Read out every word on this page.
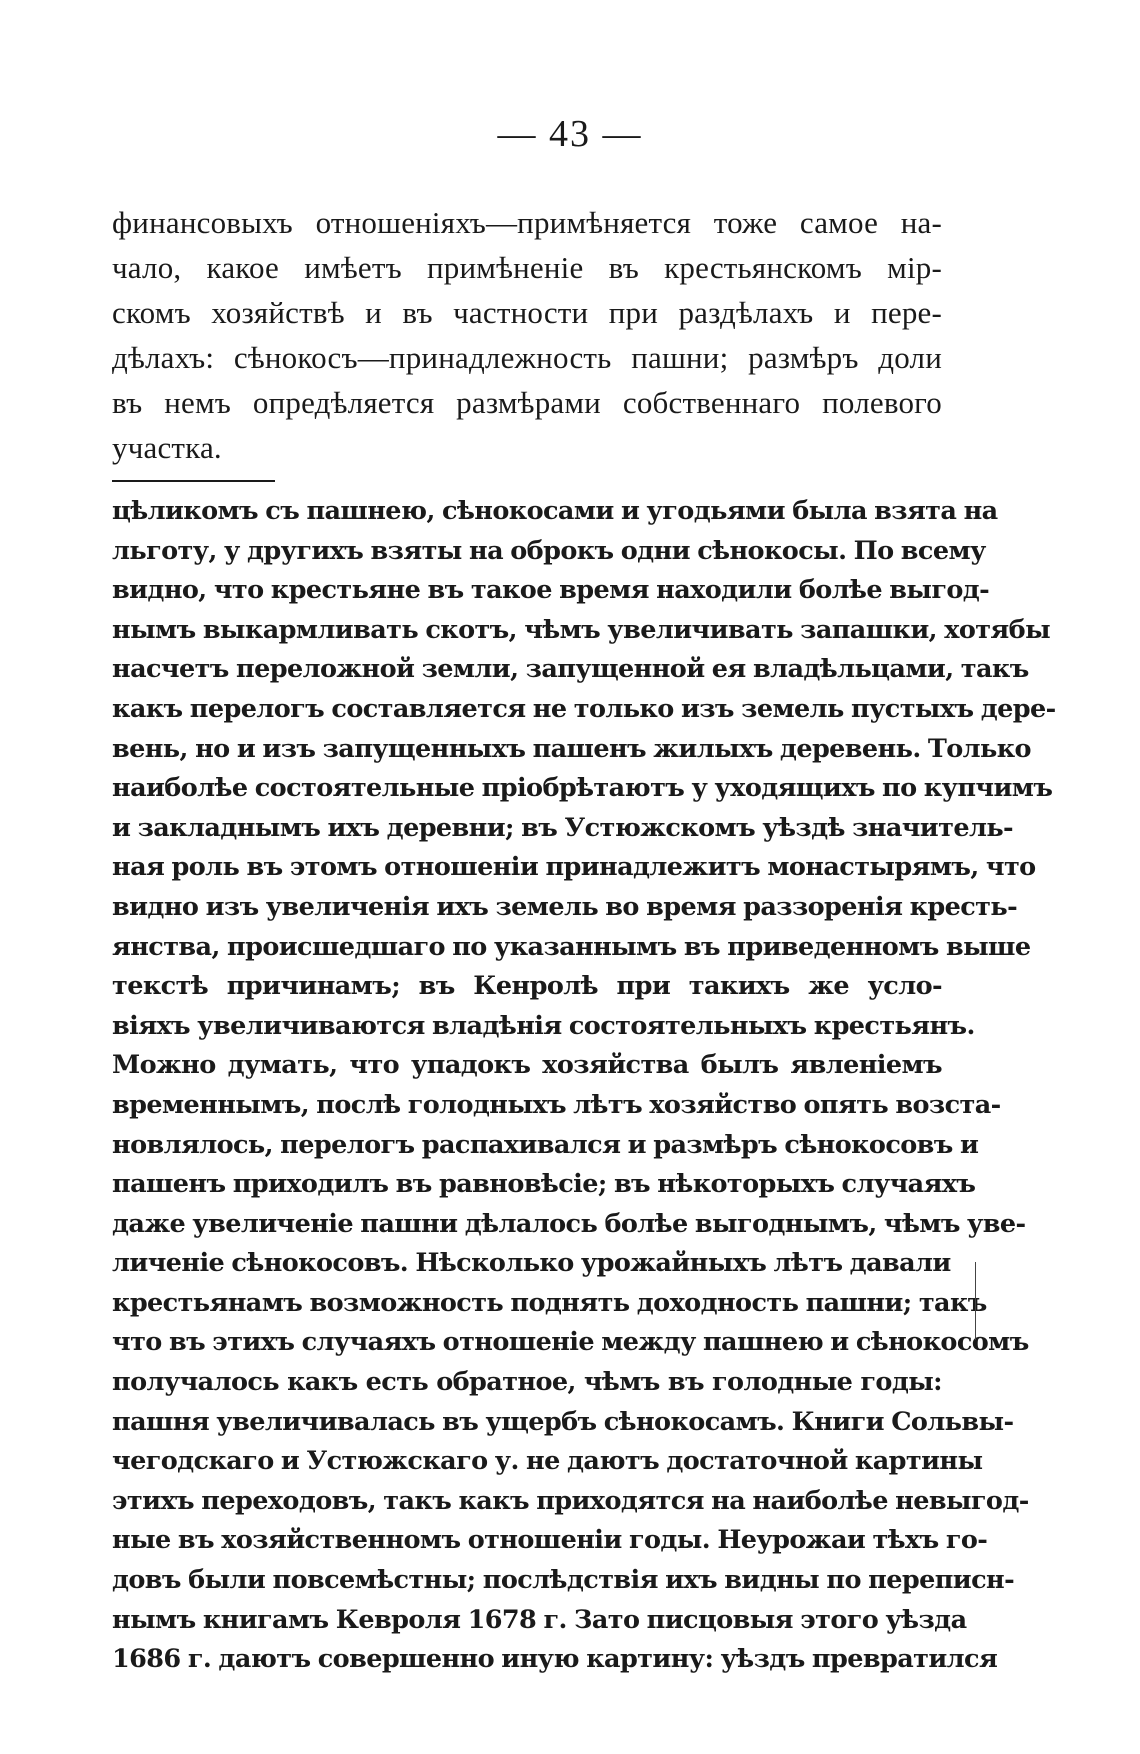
— 43 —
финансовыхъ отношеніяхъ—примѣняется тоже самое на-
чало, какое имѣетъ примѣненіе въ крестьянскомъ мір-
скомъ хозяйствѣ и въ частности при раздѣлахъ и пере-
дѣлахъ: сѣнокосъ—принадлежность пашни; размѣръ доли
въ немъ опредѣляется размѣрами собственнаго полевого
участка.
цѣликомъ съ пашнею, сѣнокосами и угодьями была взята на
льготу, у другихъ взяты на оброкъ одни сѣнокосы. По всему
видно, что крестьяне въ такое время находили болѣе выгод-
нымъ выкармливать скотъ, чѣмъ увеличивать запашки, хотябы
насчетъ переложной земли, запущенной ея владѣльцами, такъ
какъ перелогъ составляется не только изъ земель пустыхъ дере-
вень, но и изъ запущенныхъ пашенъ жилыхъ деревень. Только
наиболѣе состоятельные пріобрѣтаютъ у уходящихъ по купчимъ
и закладнымъ ихъ деревни; въ Устюжскомъ уѣздѣ значитель-
ная роль въ этомъ отношеніи принадлежитъ монастырямъ, что
видно изъ увеличенія ихъ земель во время раззоренія кресть-
янства, происшедшаго по указаннымъ въ приведенномъ выше
текстѣ причинамъ; въ Кенролѣ при такихъ же усло-
віяхъ увеличиваются владѣнія состоятельныхъ крестьянъ.
Можно думать, что упадокъ хозяйства былъ явленіемъ
временнымъ, послѣ голодныхъ лѣтъ хозяйство опять возста-
новлялось, перелогъ распахивался и размѣръ сѣнокосовъ и
пашенъ приходилъ въ равновѣсіе; въ нѣкоторыхъ случаяхъ
даже увеличеніе пашни дѣлалось болѣе выгоднымъ, чѣмъ уве-
личеніе сѣнокосовъ. Нѣсколько урожайныхъ лѣтъ давали
крестьянамъ возможность поднять доходность пашни; такъ
что въ этихъ случаяхъ отношеніе между пашнею и сѣнокосомъ
получалось какъ есть обратное, чѣмъ въ голодные годы:
пашня увеличивалась въ ущербъ сѣнокосамъ. Книги Сольвы-
чегодскаго и Устюжскаго у. не даютъ достаточной картины
этихъ переходовъ, такъ какъ приходятся на наиболѣе невыгод-
ные въ хозяйственномъ отношеніи годы. Неурожаи тѣхъ го-
довъ были повсемѣстны; послѣдствія ихъ видны по переписн-
нымъ книгамъ Кевроля 1678 г. Зато писцовыя этого уѣзда
1686 г. даютъ совершенно иную картину: уѣздъ превратился
